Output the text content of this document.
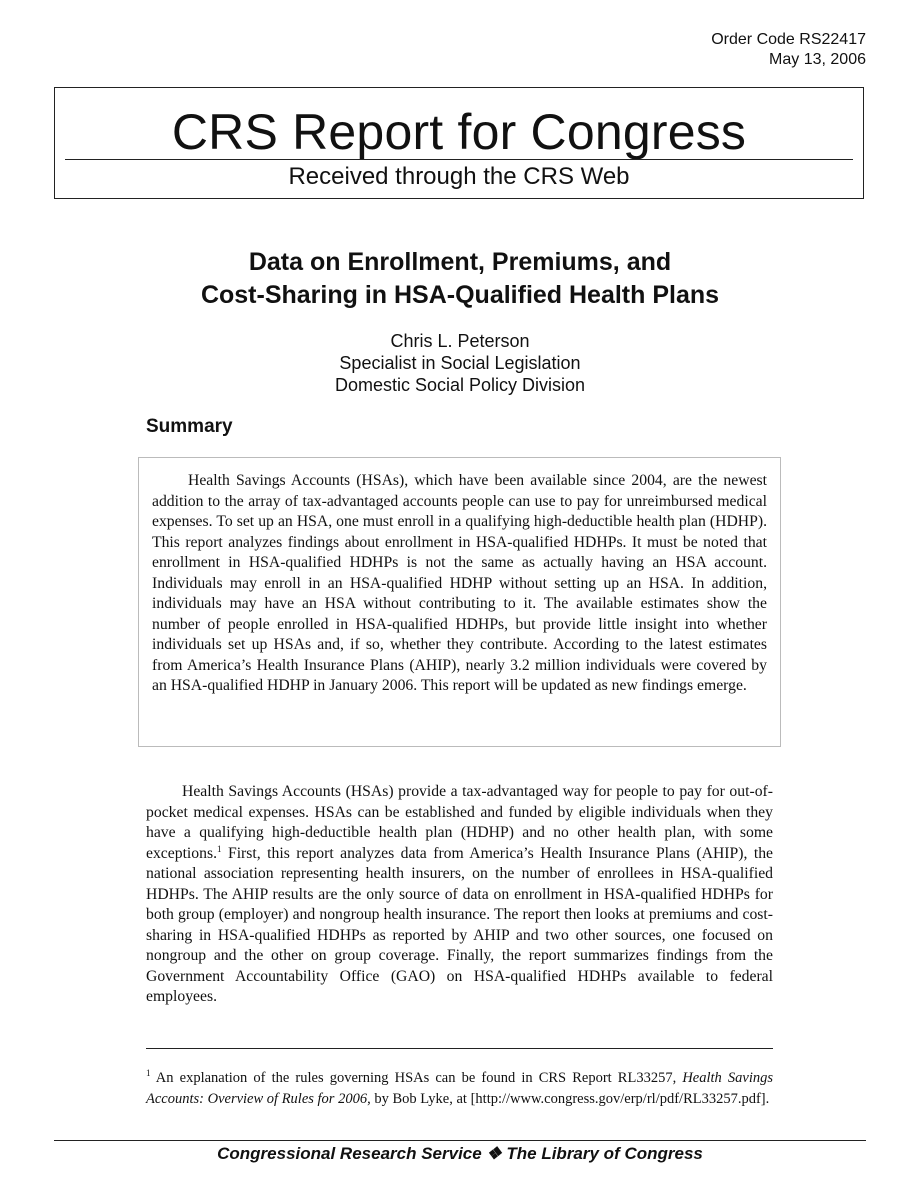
Order Code RS22417
May 13, 2006
CRS Report for Congress
Received through the CRS Web
Data on Enrollment, Premiums, and
Cost-Sharing in HSA-Qualified Health Plans
Chris L. Peterson
Specialist in Social Legislation
Domestic Social Policy Division
Summary

Health Savings Accounts (HSAs), which have been available since 2004, are the newest addition to the array of tax-advantaged accounts people can use to pay for unreimbursed medical expenses. To set up an HSA, one must enroll in a qualifying high-deductible health plan (HDHP). This report analyzes findings about enrollment in HSA-qualified HDHPs. It must be noted that enrollment in HSA-qualified HDHPs is not the same as actually having an HSA account. Individuals may enroll in an HSA-qualified HDHP without setting up an HSA. In addition, individuals may have an HSA without contributing to it. The available estimates show the number of people enrolled in HSA-qualified HDHPs, but provide little insight into whether individuals set up HSAs and, if so, whether they contribute. According to the latest estimates from America’s Health Insurance Plans (AHIP), nearly 3.2 million individuals were covered by an HSA-qualified HDHP in January 2006. This report will be updated as new findings emerge.

Health Savings Accounts (HSAs) provide a tax-advantaged way for people to pay for out-of-pocket medical expenses. HSAs can be established and funded by eligible individuals when they have a qualifying high-deductible health plan (HDHP) and no other health plan, with some exceptions.$^1$ First, this report analyzes data from America’s Health Insurance Plans (AHIP), the national association representing health insurers, on the number of enrollees in HSA-qualified HDHPs. The AHIP results are the only source of data on enrollment in HSA-qualified HDHPs for both group (employer) and nongroup health insurance. The report then looks at premiums and cost-sharing in HSA-qualified HDHPs as reported by AHIP and two other sources, one focused on nongroup and the other on group coverage. Finally, the report summarizes findings from the Government Accountability Office (GAO) on HSA-qualified HDHPs available to federal employees.

$^1$ An explanation of the rules governing HSAs can be found in CRS Report RL33257, Health Savings Accounts: Overview of Rules for 2006, by Bob Lyke, at [http://www.congress.gov/erp/rl/pdf/RL33257.pdf].

Congressional Research Service ❖ The Library of Congress
